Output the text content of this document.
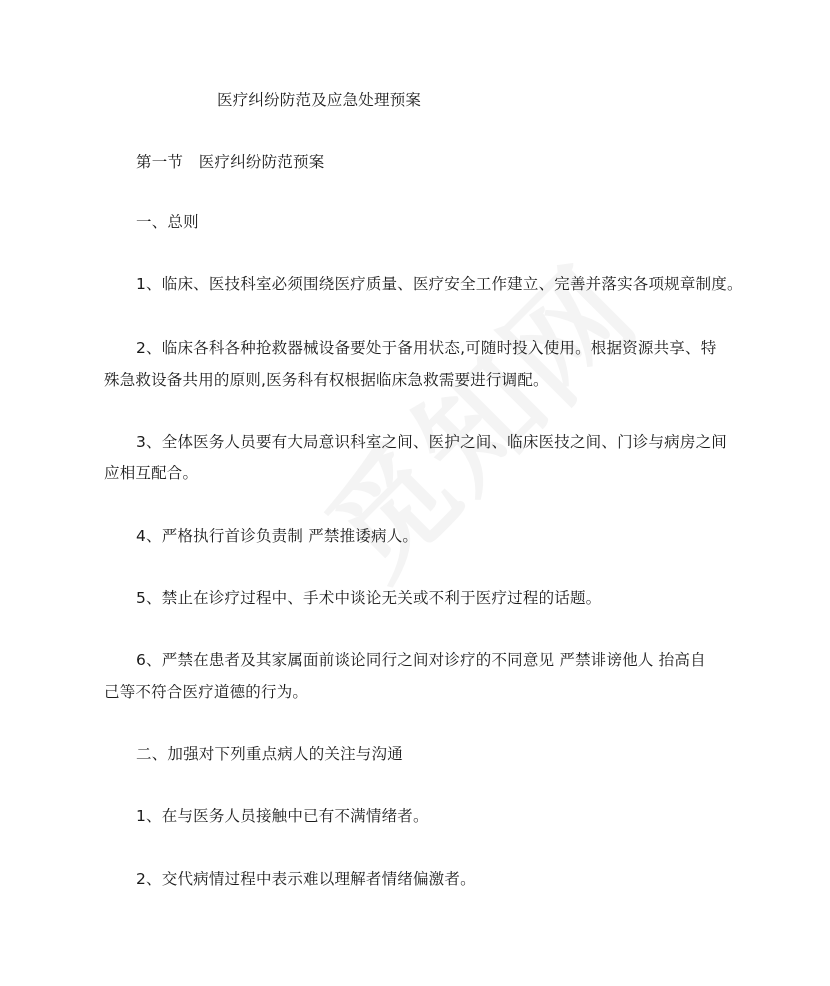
医疗纠纷防范及应急处理预案
第一节　医疗纠纷防范预案
一、总则
1、临床、医技科室必须围绕医疗质量、医疗安全工作建立、完善并落实各项规章制度。
2、临床各科各种抢救器械设备要处于备用状态,可随时投入使用。根据资源共享、特
殊急救设备共用的原则,医务科有权根据临床急救需要进行调配。
3、全体医务人员要有大局意识科室之间、医护之间、临床医技之间、门诊与病房之间
应相互配合。
4、严格执行首诊负责制 严禁推诿病人。
5、禁止在诊疗过程中、手术中谈论无关或不利于医疗过程的话题。
6、严禁在患者及其家属面前谈论同行之间对诊疗的不同意见 严禁诽谤他人 抬高自
己等不符合医疗道德的行为。
二、加强对下列重点病人的关注与沟通
1、在与医务人员接触中已有不满情绪者。
2、交代病情过程中表示难以理解者情绪偏激者。
